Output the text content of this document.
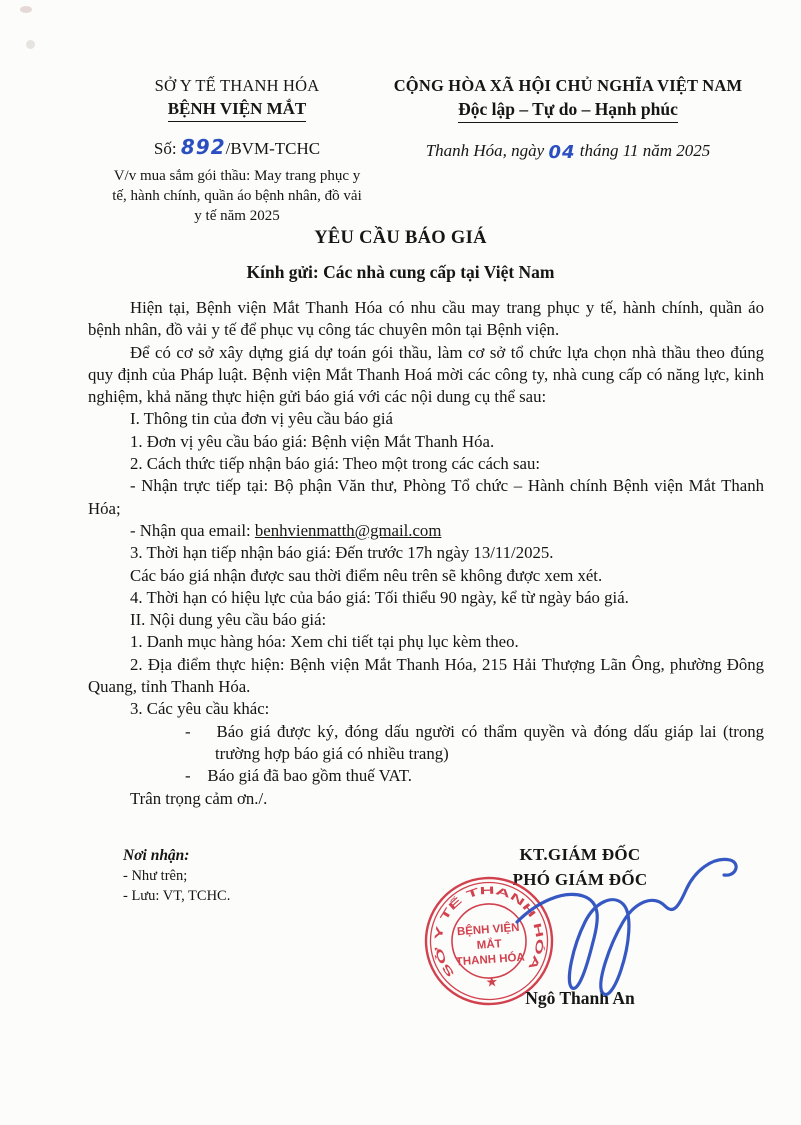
SỞ Y TẾ THANH HÓA
BỆNH VIỆN MẮT
Số: 892/BVM-TCHC
V/v mua sắm gói thầu: May trang phục y tế, hành chính, quần áo bệnh nhân, đồ vải y tế năm 2025
CỘNG HÒA XÃ HỘI CHỦ NGHĨA VIỆT NAM
Độc lập – Tự do – Hạnh phúc
Thanh Hóa, ngày 04 tháng 11 năm 2025
YÊU CẦU BÁO GIÁ
Kính gửi: Các nhà cung cấp tại Việt Nam

Hiện tại, Bệnh viện Mắt Thanh Hóa có nhu cầu may trang phục y tế, hành chính, quần áo bệnh nhân, đồ vải y tế để phục vụ công tác chuyên môn tại Bệnh viện.

Để có cơ sở xây dựng giá dự toán gói thầu, làm cơ sở tổ chức lựa chọn nhà thầu theo đúng quy định của Pháp luật. Bệnh viện Mắt Thanh Hoá mời các công ty, nhà cung cấp có năng lực, kinh nghiệm, khả năng thực hiện gửi báo giá với các nội dung cụ thể sau:

I. Thông tin của đơn vị yêu cầu báo giá

1. Đơn vị yêu cầu báo giá: Bệnh viện Mắt Thanh Hóa.

2. Cách thức tiếp nhận báo giá: Theo một trong các cách sau:

- Nhận trực tiếp tại: Bộ phận Văn thư, Phòng Tổ chức – Hành chính Bệnh viện Mắt Thanh Hóa;

- Nhận qua email: benhvienmatth@gmail.com

3. Thời hạn tiếp nhận báo giá: Đến trước 17h ngày 13/11/2025.

Các báo giá nhận được sau thời điểm nêu trên sẽ không được xem xét.

4. Thời hạn có hiệu lực của báo giá: Tối thiểu 90 ngày, kể từ ngày báo giá.

II. Nội dung yêu cầu báo giá:

1. Danh mục hàng hóa: Xem chi tiết tại phụ lục kèm theo.

2. Địa điểm thực hiện: Bệnh viện Mắt Thanh Hóa, 215 Hải Thượng Lãn Ông, phường Đông Quang, tỉnh Thanh Hóa.

3. Các yêu cầu khác:

-    Báo giá được ký, đóng dấu người có thẩm quyền và đóng dấu giáp lai (trong trường hợp báo giá có nhiều trang)

-    Báo giá đã bao gồm thuế VAT.

Trân trọng cảm ơn./.

Nơi nhận:
- Như trên;
- Lưu: VT, TCHC.
KT.GIÁM ĐỐC
PHÓ GIÁM ĐỐC
SỞ Y TẾ THANH HÓA
BỆNH VIỆN
MẮT
THANH HÓA
★
Ngô Thanh An
